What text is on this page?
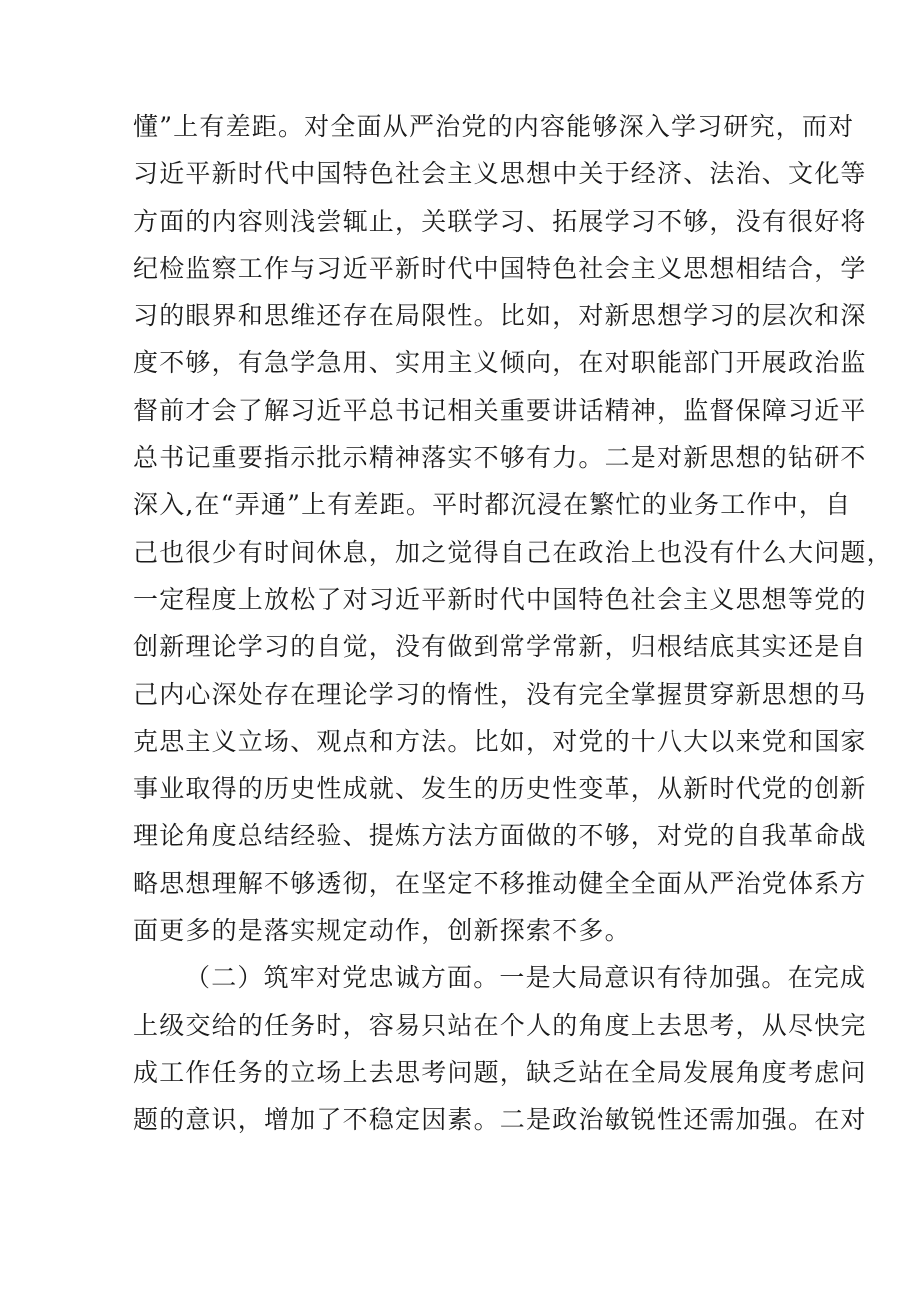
懂”上有差距。对全面从严治党的内容能够深入学习研究，而对
习近平新时代中国特色社会主义思想中关于经济、法治、文化等
方面的内容则浅尝辄止，关联学习、拓展学习不够，没有很好将
纪检监察工作与习近平新时代中国特色社会主义思想相结合，学
习的眼界和思维还存在局限性。比如，对新思想学习的层次和深
度不够，有急学急用、实用主义倾向，在对职能部门开展政治监
督前才会了解习近平总书记相关重要讲话精神，监督保障习近平
总书记重要指示批示精神落实不够有力。二是对新思想的钻研不
深入,在“弄通”上有差距。平时都沉浸在繁忙的业务工作中，自
己也很少有时间休息，加之觉得自己在政治上也没有什么大问题，
一定程度上放松了对习近平新时代中国特色社会主义思想等党的
创新理论学习的自觉，没有做到常学常新，归根结底其实还是自
己内心深处存在理论学习的惰性，没有完全掌握贯穿新思想的马
克思主义立场、观点和方法。比如，对党的十八大以来党和国家
事业取得的历史性成就、发生的历史性变革，从新时代党的创新
理论角度总结经验、提炼方法方面做的不够，对党的自我革命战
略思想理解不够透彻，在坚定不移推动健全全面从严治党体系方
面更多的是落实规定动作，创新探索不多。
（二）筑牢对党忠诚方面。一是大局意识有待加强。在完成
上级交给的任务时，容易只站在个人的角度上去思考，从尽快完
成工作任务的立场上去思考问题，缺乏站在全局发展角度考虑问
题的意识，增加了不稳定因素。二是政治敏锐性还需加强。在对
